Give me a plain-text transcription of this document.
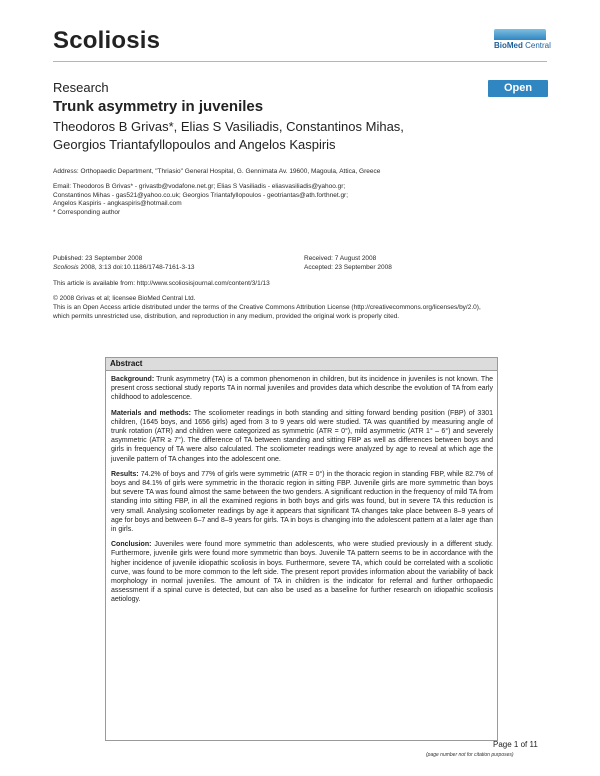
Scoliosis	BioMed Central
Research	Open Access
Trunk asymmetry in juveniles
Theodoros B Grivas*, Elias S Vasiliadis, Constantinos Mihas,
Georgios Triantafyllopoulos and Angelos Kaspiris
Address: Orthopaedic Department, "Thriasio" General Hospital, G. Gennimata Av. 19600, Magoula, Attica, Greece
Email: Theodoros B Grivas* - grivastb@vodafone.net.gr; Elias S Vasiliadis - eliasvasiliadis@yahoo.gr;
Constantinos Mihas - gas521@yahoo.co.uk; Georgios Triantafyllopoulos - geotriantas@ath.forthnet.gr;
Angelos Kaspiris - angkaspiris@hotmail.com
* Corresponding author
Published: 23 September 2008
Scoliosis 2008, 3:13 doi:10.1186/1748-7161-3-13
Received: 7 August 2008
Accepted: 23 September 2008
This article is available from: http://www.scoliosisjournal.com/content/3/1/13
© 2008 Grivas et al; licensee BioMed Central Ltd.
This is an Open Access article distributed under the terms of the Creative Commons Attribution License (http://creativecommons.org/licenses/by/2.0),
which permits unrestricted use, distribution, and reproduction in any medium, provided the original work is properly cited.
Abstract

Background: Trunk asymmetry (TA) is a common phenomenon in children, but its incidence in juveniles is not known. The present cross sectional study reports TA in normal juveniles and provides data which describe the evolution of TA from early childhood to adolescence.

Materials and methods: The scoliometer readings in both standing and sitting forward bending position (FBP) of 3301 children, (1645 boys, and 1656 girls) aged from 3 to 9 years old were studied. TA was quantified by measuring angle of trunk rotation (ATR) and children were categorized as symmetric (ATR = 0°), mild asymmetric (ATR 1° – 6°) and severely asymmetric (ATR ≥ 7°). The difference of TA between standing and sitting FBP as well as differences between boys and girls in frequency of TA were also calculated. The scoliometer readings were analyzed by age to reveal at which age the juvenile pattern of TA changes into the adolescent one.

Results: 74.2% of boys and 77% of girls were symmetric (ATR = 0°) in the thoracic region in standing FBP, while 82.7% of boys and 84.1% of girls were symmetric in the thoracic region in sitting FBP. Juvenile girls are more symmetric than boys but severe TA was found almost the same between the two genders. A significant reduction in the frequency of mild TA from standing into sitting FBP, in all the examined regions in both boys and girls was found, but in severe TA this reduction is very small. Analysing scoliometer readings by age it appears that significant TA changes take place between 8–9 years of age for boys and between 6–7 and 8–9 years for girls. TA in boys is changing into the adolescent pattern at a later age than in girls.

Conclusion: Juveniles were found more symmetric than adolescents, who were studied previously in a different study. Furthermore, juvenile girls were found more symmetric than boys. Juvenile TA pattern seems to be in accordance with the higher incidence of juvenile idiopathic scoliosis in boys. Furthermore, severe TA, which could be correlated with a scoliotic curve, was found to be more common to the left side. The present report provides information about the variability of back morphology in normal juveniles. The amount of TA in children is the indicator for referral and further orthopaedic assessment if a spinal curve is detected, but can also be used as a baseline for further research on idiopathic scoliosis aetiology.

Page 1 of 11
(page number not for citation purposes)
